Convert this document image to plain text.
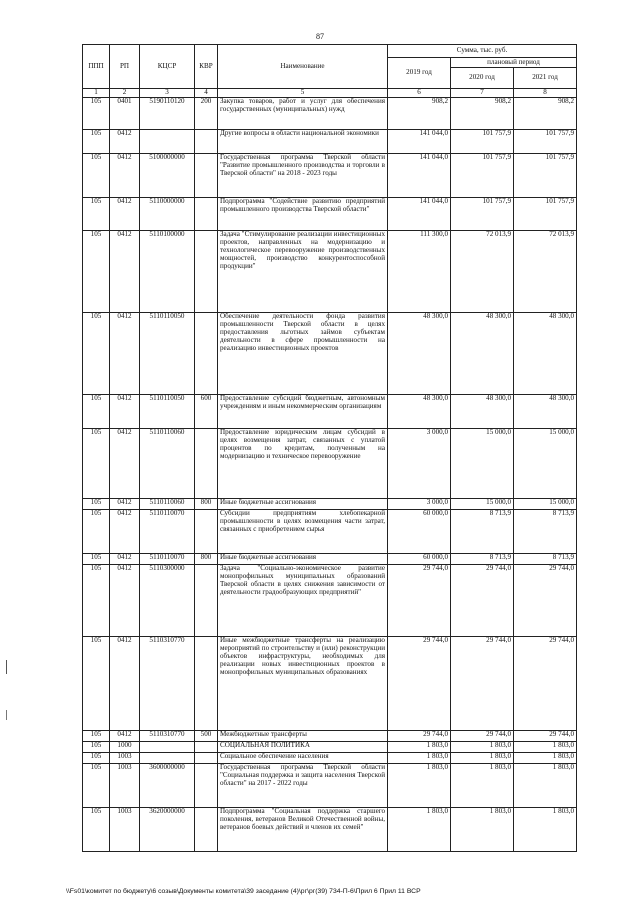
87
ППП	РП	КЦСР	КВР	Наименование	Сумма, тыс. руб.		
					2019 год	плановый период	
						2020 год	2021 год
1	2	3	4	5	6	7	8
105	0401	5190110120	200	Закупка товаров, работ и услуг для обеспечения государственных (муниципальных) нужд	908,2	908,2	908,2
105	0412			Другие вопросы в области национальной экономики	141 044,0	101 757,9	101 757,9
105	0412	5100000000		Государственная программа Тверской области "Развитие промышленного производства и торговли в Тверской области" на 2018 - 2023 годы	141 044,0	101 757,9	101 757,9
105	0412	5110000000		Подпрограмма "Содействие развитию предприятий промышленного производства Тверской области"	141 044,0	101 757,9	101 757,9
105	0412	5110100000		Задача "Стимулирование реализации инвестиционных проектов, направленных на модернизацию и технологическое перевооружение производственных мощностей, производство конкурентоспособной продукции"	111 300,0	72 013,9	72 013,9
105	0412	5110110050		Обеспечение деятельности фонда развития промышленности Тверской области в целях предоставления льготных займов субъектам деятельности в сфере промышленности на реализацию инвестиционных проектов	48 300,0	48 300,0	48 300,0
105	0412	5110110050	600	Предоставление субсидий бюджетным, автономным учреждениям и иным некоммерческим организациям	48 300,0	48 300,0	48 300,0
105	0412	5110110060		Предоставление юридическим лицам субсидий в целях возмещения затрат, связанных с уплатой процентов по кредитам, полученным на модернизацию и техническое перевооружение	3 000,0	15 000,0	15 000,0
105	0412	5110110060	800	Иные бюджетные ассигнования	3 000,0	15 000,0	15 000,0
105	0412	5110110070		Субсидии предприятиям хлебопекарной промышленности в целях возмещения части затрат, связанных с приобретением сырья	60 000,0	8 713,9	8 713,9
105	0412	5110110070	800	Иные бюджетные ассигнования	60 000,0	8 713,9	8 713,9
105	0412	5110300000		Задача "Социально-экономическое развитие монопрофильных муниципальных образований Тверской области в целях снижения зависимости от деятельности градообразующих предприятий"	29 744,0	29 744,0	29 744,0
105	0412	5110310770		Иные межбюджетные трансферты на реализацию мероприятий по строительству и (или) реконструкции объектов инфраструктуры, необходимых для реализации новых инвестиционных проектов в монопрофильных муниципальных образованиях	29 744,0	29 744,0	29 744,0
105	0412	5110310770	500	Межбюджетные трансферты	29 744,0	29 744,0	29 744,0
105	1000			СОЦИАЛЬНАЯ ПОЛИТИКА	1 803,0	1 803,0	1 803,0
105	1003			Социальное обеспечение населения	1 803,0	1 803,0	1 803,0
105	1003	3600000000		Государственная программа Тверской области "Социальная поддержка и защита населения Тверской области" на 2017 - 2022 годы	1 803,0	1 803,0	1 803,0
105	1003	3620000000		Подпрограмма "Социальная поддержка старшего поколения, ветеранов Великой Отечественной войны, ветеранов боевых действий и членов их семей"	1 803,0	1 803,0	1 803,0
\\Fs01\комитет по бюджету\6 созыв\Документы комитета\39 заседание (4)\рг\рг(39) 734-П-6\Прил 6 Прил 11 ВСР
